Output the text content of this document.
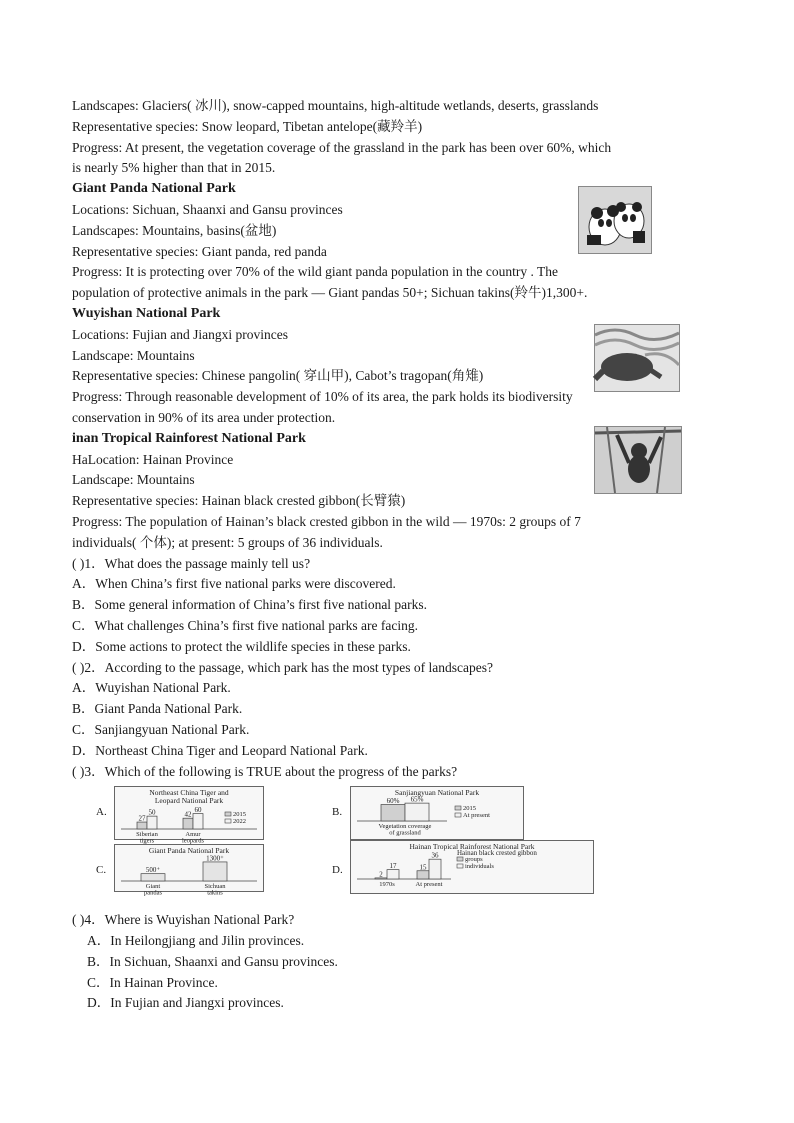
Landscapes: Glaciers( 冰川), snow-capped mountains, high-altitude wetlands, deserts, grasslands
Representative species: Snow leopard, Tibetan antelope(藏羚羊)
Progress: At present, the vegetation coverage of the grassland in the park has been over 60%, which
is nearly 5% higher than that in 2015.
Giant Panda National Park
Locations: Sichuan, Shaanxi and Gansu provinces
Landscapes: Mountains, basins(盆地)
Representative species: Giant panda, red panda
Progress: It is protecting over 70% of the wild giant panda population in the country . The
population of protective animals in the park — Giant pandas 50+; Sichuan takins(羚牛)1,300+.
Wuyishan National Park
Locations: Fujian and Jiangxi provinces
Landscape: Mountains
Representative species: Chinese pangolin( 穿山甲), Cabot’s tragopan(角雉)
Progress: Through reasonable development of 10% of its area, the park holds its biodiversity
conservation in 90% of its area under protection.
inan Tropical Rainforest National Park
HaLocation: Hainan Province
Landscape: Mountains
Representative species: Hainan black crested gibbon(长臂猿)
Progress: The population of Hainan’s black crested gibbon in the wild — 1970s: 2 groups of 7
individuals( 个体); at present: 5 groups of 36 individuals.
( )1．What does the passage mainly tell us?
A．When China’s first five national parks were discovered.
B．Some general information of China’s first five national parks.
C．What challenges China’s first five national parks are facing.
D．Some actions to protect the wildlife species in these parks.
( )2．According to the passage, which park has the most types of landscapes?
A．Wuyishan National Park.
B．Giant Panda National Park.
C．Sanjiangyuan National Park.
D．Northeast China Tiger and Leopard National Park.
( )3．Which of the following is TRUE about the progress of the parks?
A.
Northeast China Tiger and
Leopard National Park
27
50
Siberian
tigers
42
60
Amur
leopards
2015
2022
B.
Sanjiangyuan National Park
60% 65%
Vegetation coverage
of grassland
2015
At present
C.
Giant Panda National Park
500⁺
Giant
pandas
1300⁺
Sichuan
takins
D.
Hainan Tropical Rainforest National Park
2
17
1970s
15
36
At present
Hainan black crested gibbon
groups
individuals
( )4．Where is Wuyishan National Park?
A．In Heilongjiang and Jilin provinces.
B．In Sichuan, Shaanxi and Gansu provinces.
C．In Hainan Province.
D．In Fujian and Jiangxi provinces.
